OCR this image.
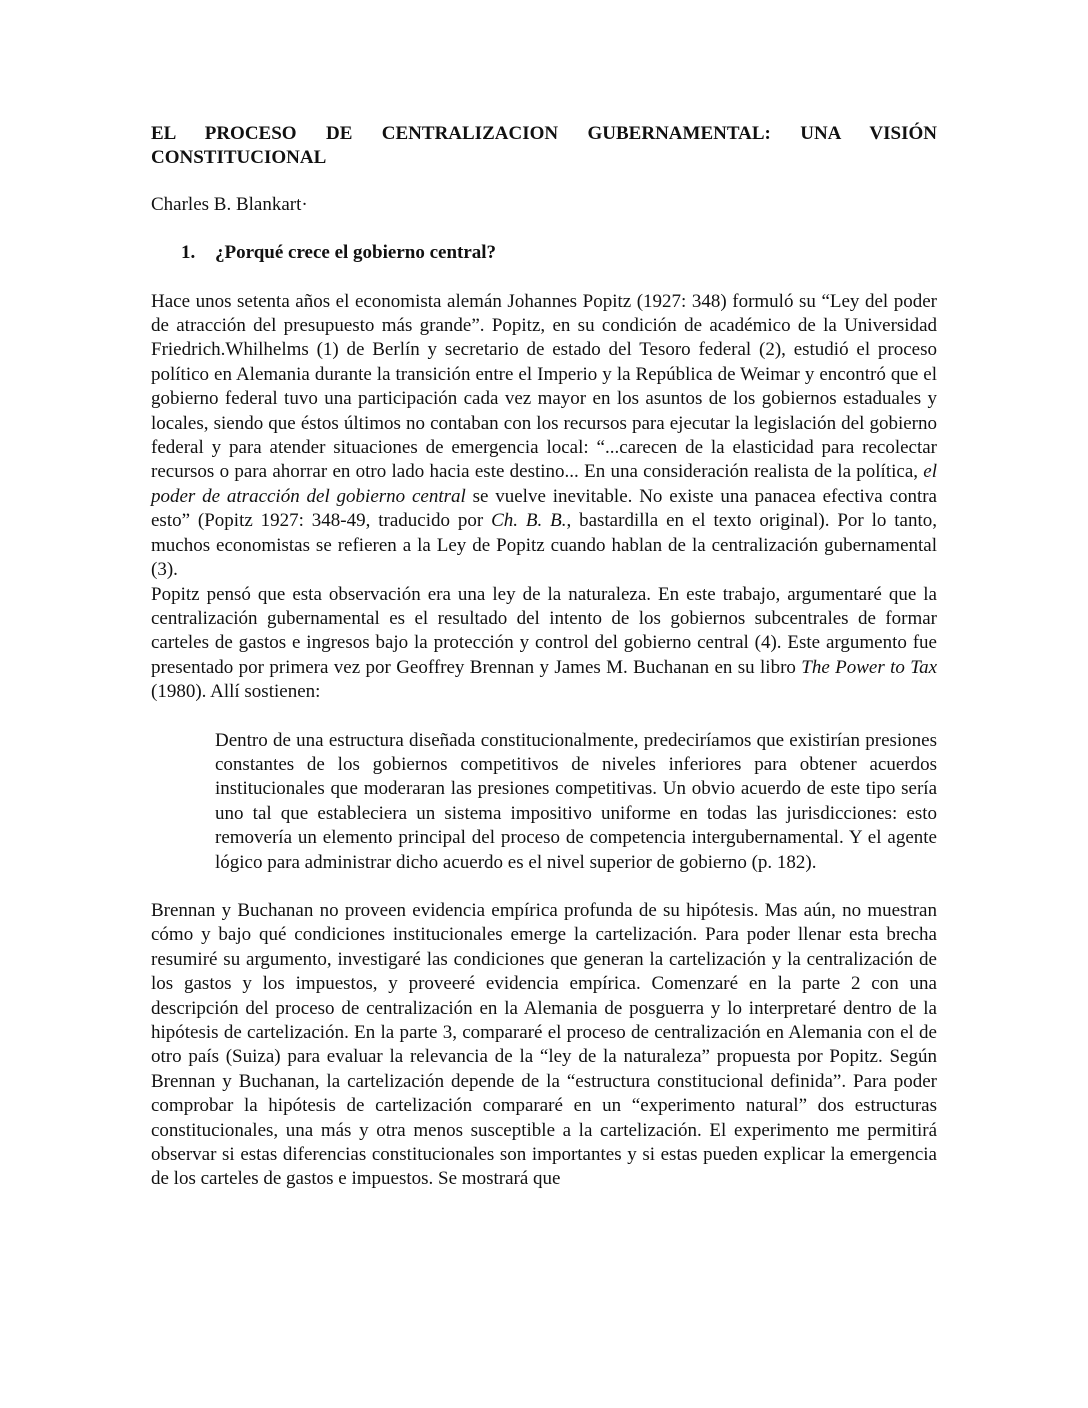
EL PROCESO DE CENTRALIZACION GUBERNAMENTAL: UNA VISIÓN
CONSTITUCIONAL
Charles B. Blankart·
1. ¿Porqué crece el gobierno central?

Hace unos setenta años el economista alemán Johannes Popitz (1927: 348) formuló su “Ley del poder de atracción del presupuesto más grande”. Popitz, en su condición de académico de la Universidad Friedrich.Whilhelms (1) de Berlín y secretario de estado del Tesoro federal (2), estudió el proceso político en Alemania durante la transición entre el Imperio y la República de Weimar y encontró que el gobierno federal tuvo una participación cada vez mayor en los asuntos de los gobiernos estaduales y locales, siendo que éstos últimos no contaban con los recursos para ejecutar la legislación del gobierno federal y para atender situaciones de emergencia local: “...carecen de la elasticidad para recolectar recursos o para ahorrar en otro lado hacia este destino... En una consideración realista de la política, el poder de atracción del gobierno central se vuelve inevitable. No existe una panacea efectiva contra esto” (Popitz 1927: 348-49, traducido por Ch. B. B., bastardilla en el texto original). Por lo tanto, muchos economistas se refieren a la Ley de Popitz cuando hablan de la centralización gubernamental (3).

Popitz pensó que esta observación era una ley de la naturaleza. En este trabajo, argumentaré que la centralización gubernamental es el resultado del intento de los gobiernos subcentrales de formar carteles de gastos e ingresos bajo la protección y control del gobierno central (4). Este argumento fue presentado por primera vez por Geoffrey Brennan y James M. Buchanan en su libro The Power to Tax (1980). Allí sostienen:

Dentro de una estructura diseñada constitucionalmente, predeciríamos que existirían presiones constantes de los gobiernos competitivos de niveles inferiores para obtener acuerdos institucionales que moderaran las presiones competitivas. Un obvio acuerdo de este tipo sería uno tal que estableciera un sistema impositivo uniforme en todas las jurisdicciones: esto removería un elemento principal del proceso de competencia intergubernamental. Y el agente lógico para administrar dicho acuerdo es el nivel superior de gobierno (p. 182).

Brennan y Buchanan no proveen evidencia empírica profunda de su hipótesis. Mas aún, no muestran cómo y bajo qué condiciones institucionales emerge la cartelización. Para poder llenar esta brecha resumiré su argumento, investigaré las condiciones que generan la cartelización y la centralización de los gastos y los impuestos, y proveeré evidencia empírica. Comenzaré en la parte 2 con una descripción del proceso de centralización en la Alemania de posguerra y lo interpretaré dentro de la hipótesis de cartelización. En la parte 3, compararé el proceso de centralización en Alemania con el de otro país (Suiza) para evaluar la relevancia de la “ley de la naturaleza” propuesta por Popitz. Según Brennan y Buchanan, la cartelización depende de la “estructura constitucional definida”. Para poder comprobar la hipótesis de cartelización compararé en un “experimento natural” dos estructuras constitucionales, una más y otra menos susceptible a la cartelización. El experimento me permitirá observar si estas diferencias constitucionales son importantes y si estas pueden explicar la emergencia de los carteles de gastos e impuestos. Se mostrará que
